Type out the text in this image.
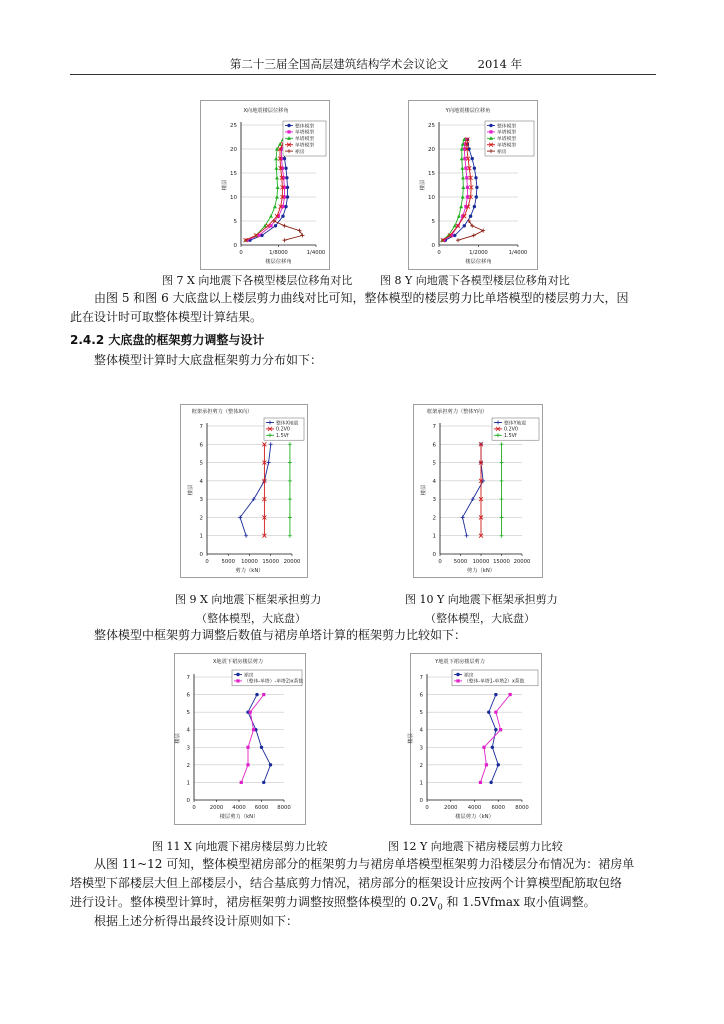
第二十三届全国高层建筑结构学术会议论文	2014 年
X向地震楼层位移角
0
5
10
15
20
25
0	1/8000	1/4000
楼层位移角
楼层
整体模型
单塔模型
单塔模型
单塔模型
裙房
Y向地震楼层位移角
0
5
10
15
20
25
0	1/2000	1/4000
楼层位移角
楼层
整体模型
单塔模型
单塔模型
单塔模型
裙房
图 7 X 向地震下各模型楼层位移角对比	图 8 Y 向地震下各模型楼层位移角对比
由图 5 和图 6 大底盘以上楼层剪力曲线对比可知，整体模型的楼层剪力比单塔模型的楼层剪力大，因
此在设计时可取整体模型计算结果。
2.4.2 大底盘的框架剪力调整与设计
整体模型计算时大底盘框架剪力分布如下：
框架承担剪力（整体X向）
0
1
2
3
4
5
6
7
0 5000 10000 15000 20000
剪力（kN）
楼层
整体X地震
0.2V0
1.5Vf
框架承担剪力（整体Y向）
0
1
2
3
4
5
6
7
0 5000 10000 15000 20000
剪力（kN）
楼层
整体Y地震
0.2V0
1.5Vf
图 9 X 向地震下框架承担剪力
（整体模型，大底盘）
图 10 Y 向地震下框架承担剪力
（整体模型，大底盘）
整体模型中框架剪力调整后数值与裙房单塔计算的框架剪力比较如下：
X地震下裙房楼层剪力
0
1
2
3
4
5
6
7
0	2000 4000 6000 8000
楼层剪力（kN）
楼层
裙房
（整体-单塔）-单塔2)x系数
Y地震下裙房楼层剪力
0
1
2
3
4
5
6
7
0	2000 4000 6000 8000
楼层剪力（kN）
楼层
裙房
（整体-单塔1-单塔2）x系数
图 11 X 向地震下裙房楼层剪力比较	图 12 Y 向地震下裙房楼层剪力比较
从图 11~12 可知，整体模型裙房部分的框架剪力与裙房单塔模型框架剪力沿楼层分布情况为：裙房单
塔模型下部楼层大但上部楼层小，结合基底剪力情况，裙房部分的框架设计应按两个计算模型配筋取包络
进行设计。整体模型计算时，裙房框架剪力调整按照整体模型的 $0.2V_0$ 和 1.5Vfmax 取小值调整。
根据上述分析得出最终设计原则如下：
